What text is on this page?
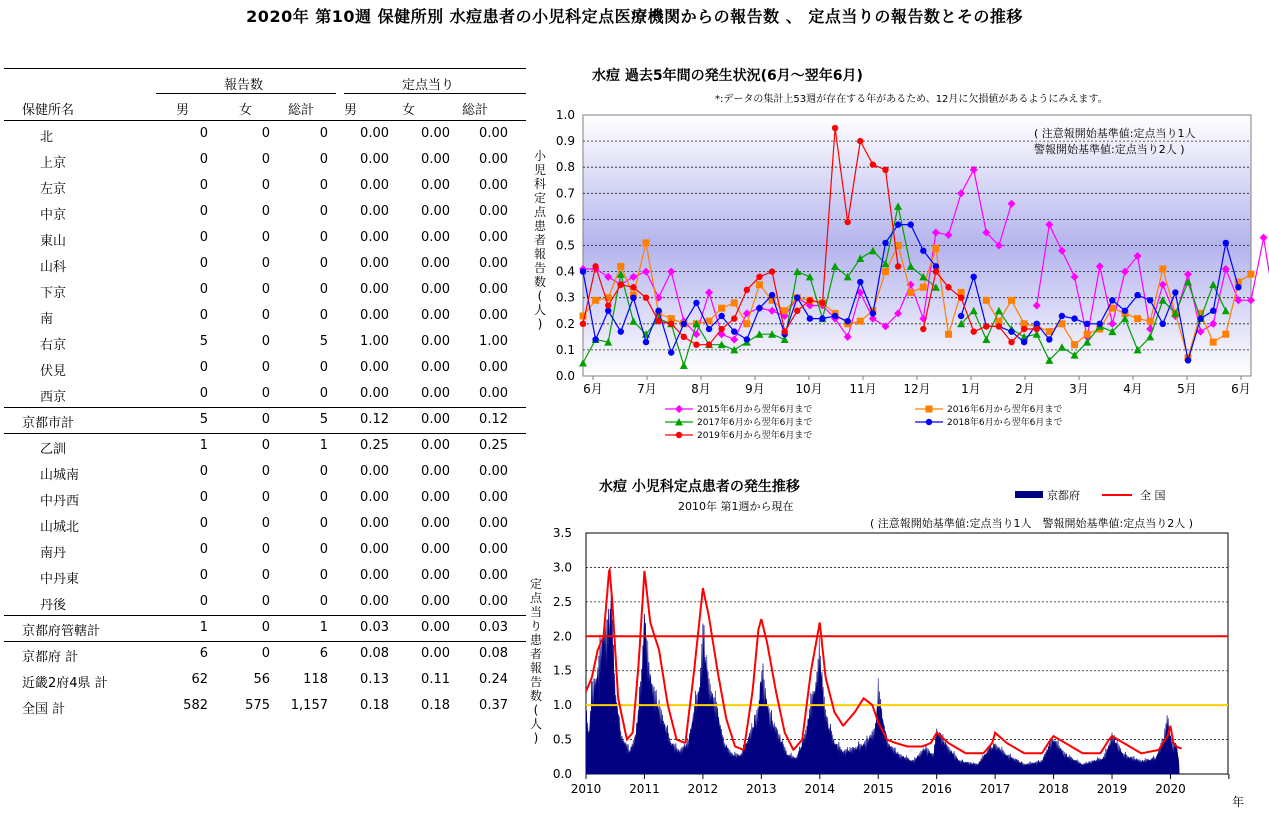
2020年 第10週 保健所別 水痘患者の小児科定点医療機関からの報告数 、 定点当りの報告数とその推移
報告数	定点当り
保健所名	男	女	総計 男	女	総計
北	0	0	0 0.00 0.00 0.00
上京	0	0	0 0.00 0.00 0.00
左京	0	0	0 0.00 0.00 0.00
中京	0	0	0 0.00 0.00 0.00
東山	0	0	0 0.00 0.00 0.00
山科	0	0	0 0.00 0.00 0.00
下京	0	0	0 0.00 0.00 0.00
南	0	0	0 0.00 0.00 0.00
右京	5	0	5 1.00 0.00 1.00
伏見	0	0	0 0.00 0.00 0.00
西京	0	0	0 0.00 0.00 0.00
京都市計	5	0	5 0.12 0.00 0.12
乙訓	1	0	1 0.25 0.00 0.25
山城南	0	0	0 0.00 0.00 0.00
中丹西	0	0	0 0.00 0.00 0.00
山城北	0	0	0 0.00 0.00 0.00
南丹	0	0	0 0.00 0.00 0.00
中丹東	0	0	0 0.00 0.00 0.00
丹後	0	0	0 0.00 0.00 0.00
京都府管轄計	1	0	1 0.03 0.00 0.03
京都府 計	6	0	6 0.08 0.00 0.08
近畿2府4県 計	62	56	118 0.13 0.11 0.24
全国 計	582	575 1,157 0.18 0.18 0.37
水痘 過去5年間の発生状況(6月～翌年6月)
*:データの集計上53週が存在する年があるため、12月に欠損値があるようにみえます。
( 注意報開始基準値:定点当り1人
警報開始基準値:定点当り2人 )
小
児
科
定
点
患
者
報
告
数
(
人
)
0.0
0.1
0.2
0.3
0.4
0.5
0.6
0.7
0.8
0.9
1.0
6月	7月	8月	9月	10月 11月 12月	1月	2月	3月	4月	5月	6月
2015年6月から翌年6月まで	2016年6月から翌年6月まで
2017年6月から翌年6月まで	2018年6月から翌年6月まで
2019年6月から翌年6月まで
水痘 小児科定点患者の発生推移
2010年 第1週から現在
( 注意報開始基準値:定点当り1人　警報開始基準値:定点当り2人 )
京都府	全 国
定
点
当
り
患
者
報
告
数
(
人
)
0.0
0.5
1.0
1.5
2.0
2.5
3.0
3.5
2010 2011 2012 2013 2014 2015 2016 2017 2018 2019 2020
年
